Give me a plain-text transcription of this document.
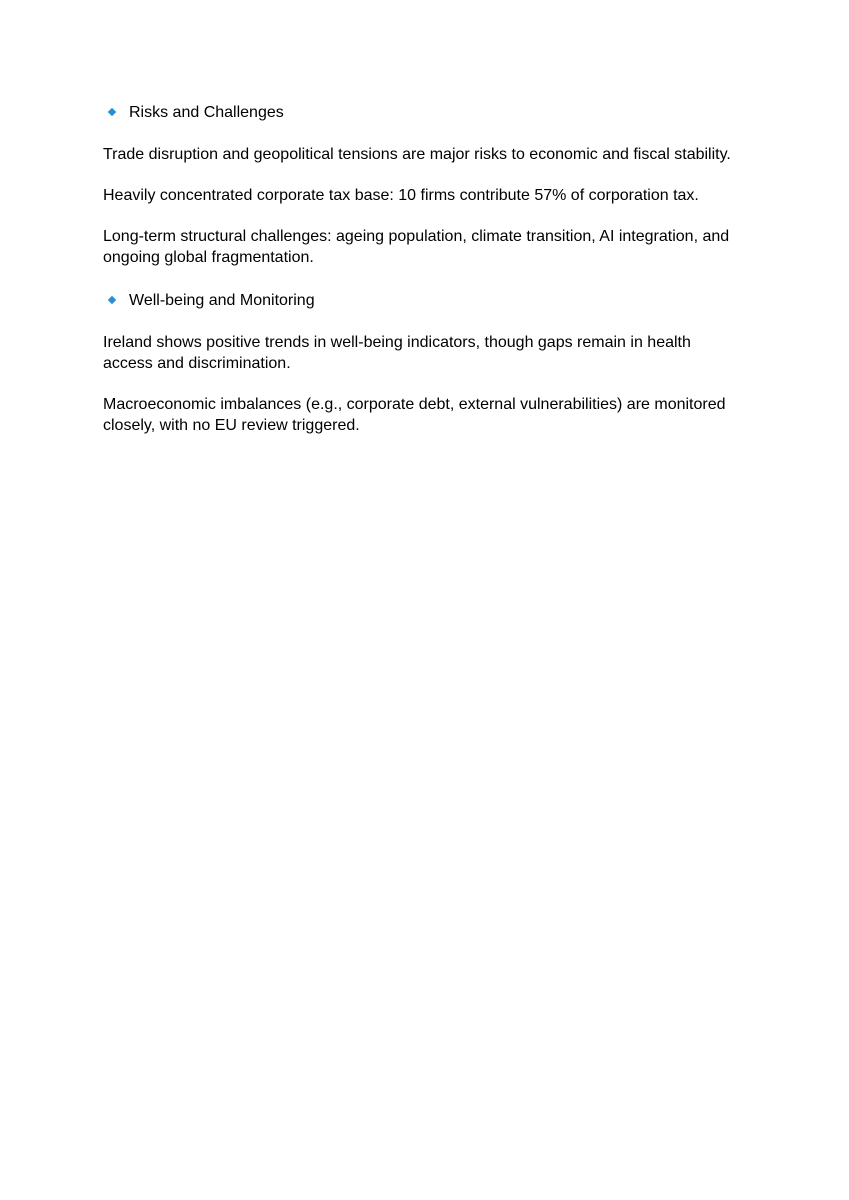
Risks and Challenges

Trade disruption and geopolitical tensions are major risks to economic and fiscal stability.

Heavily concentrated corporate tax base: 10 firms contribute 57% of corporation tax.

Long-term structural challenges: ageing population, climate transition, AI integration, and ongoing global fragmentation.

Well-being and Monitoring

Ireland shows positive trends in well-being indicators, though gaps remain in health access and discrimination.

Macroeconomic imbalances (e.g., corporate debt, external vulnerabilities) are monitored closely, with no EU review triggered.
